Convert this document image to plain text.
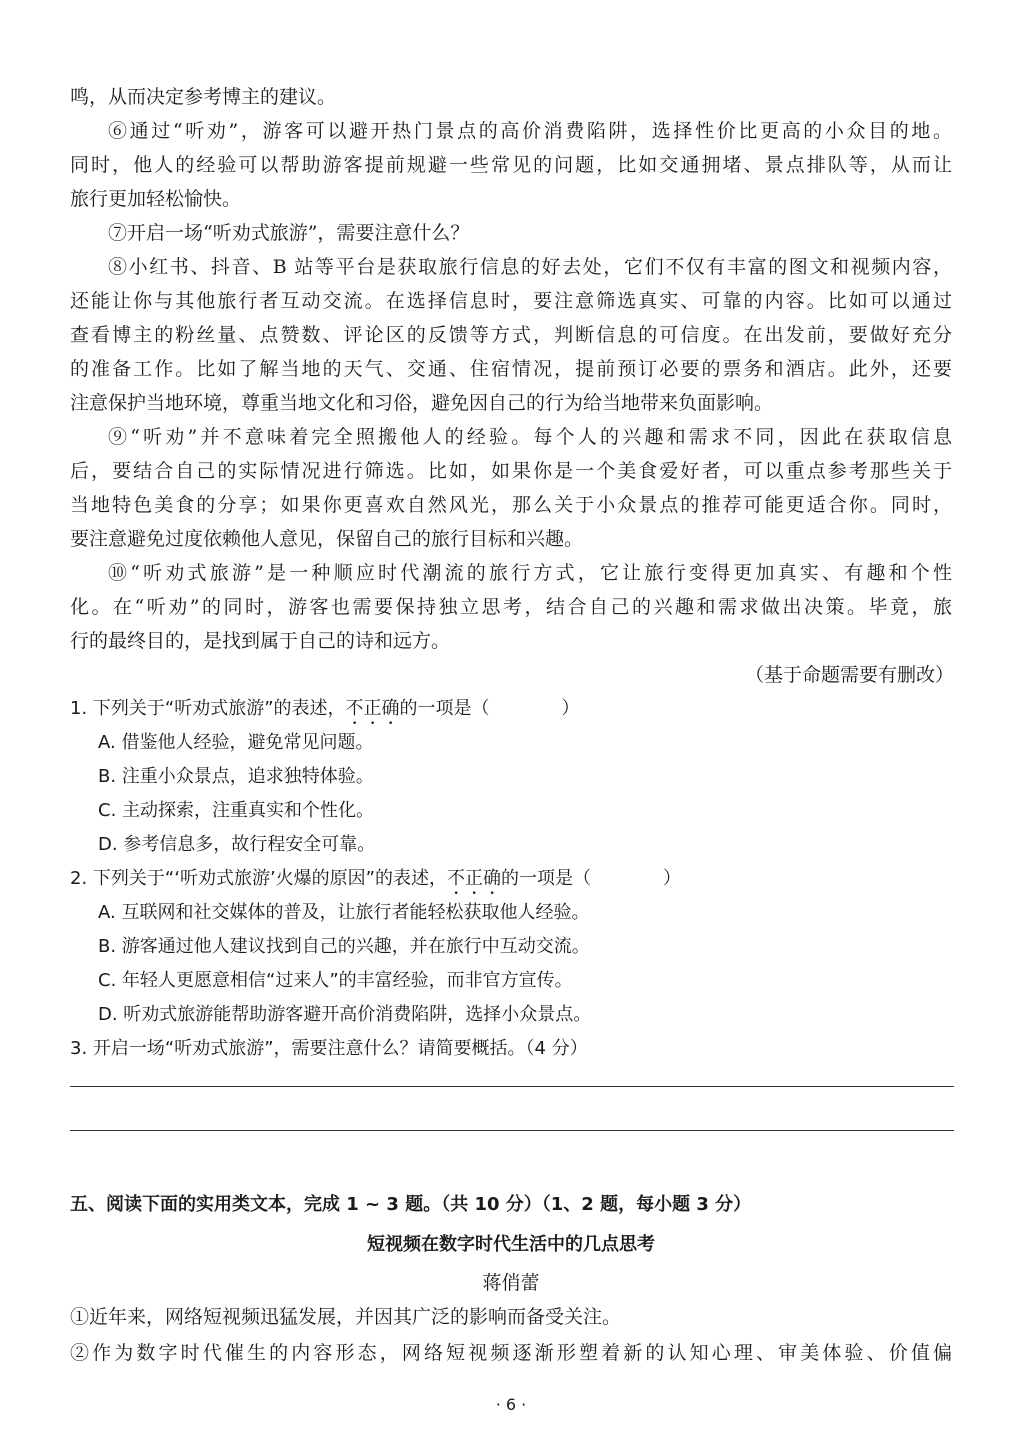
鸣，从而决定参考博主的建议。
⑥通过“听劝”，游客可以避开热门景点的高价消费陷阱，选择性价比更高的小众目的地。
同时，他人的经验可以帮助游客提前规避一些常见的问题，比如交通拥堵、景点排队等，从而让
旅行更加轻松愉快。
⑦开启一场“听劝式旅游”，需要注意什么？
⑧小红书、抖音、B 站等平台是获取旅行信息的好去处，它们不仅有丰富的图文和视频内容，
还能让你与其他旅行者互动交流。在选择信息时，要注意筛选真实、可靠的内容。比如可以通过
查看博主的粉丝量、点赞数、评论区的反馈等方式，判断信息的可信度。在出发前，要做好充分
的准备工作。比如了解当地的天气、交通、住宿情况，提前预订必要的票务和酒店。此外，还要
注意保护当地环境，尊重当地文化和习俗，避免因自己的行为给当地带来负面影响。
⑨“听劝”并不意味着完全照搬他人的经验。每个人的兴趣和需求不同，因此在获取信息
后，要结合自己的实际情况进行筛选。比如，如果你是一个美食爱好者，可以重点参考那些关于
当地特色美食的分享；如果你更喜欢自然风光，那么关于小众景点的推荐可能更适合你。同时，
要注意避免过度依赖他人意见，保留自己的旅行目标和兴趣。
⑩“听劝式旅游”是一种顺应时代潮流的旅行方式，它让旅行变得更加真实、有趣和个性
化。在“听劝”的同时，游客也需要保持独立思考，结合自己的兴趣和需求做出决策。毕竟，旅
行的最终目的，是找到属于自己的诗和远方。
（基于命题需要有删改）
1. 下列关于“听劝式旅游”的表述，不正确的一项是（　　　　）
A. 借鉴他人经验，避免常见问题。
B. 注重小众景点，追求独特体验。
C. 主动探索，注重真实和个性化。
D. 参考信息多，故行程安全可靠。
2. 下列关于“‘听劝式旅游’火爆的原因”的表述，不正确的一项是（　　　　）
A. 互联网和社交媒体的普及，让旅行者能轻松获取他人经验。
B. 游客通过他人建议找到自己的兴趣，并在旅行中互动交流。
C. 年轻人更愿意相信“过来人”的丰富经验，而非官方宣传。
D. 听劝式旅游能帮助游客避开高价消费陷阱，选择小众景点。
3. 开启一场“听劝式旅游”，需要注意什么？请简要概括。（4 分）
五、阅读下面的实用类文本，完成 1 ~ 3 题。（共 10 分）（1、2 题，每小题 3 分）
短视频在数字时代生活中的几点思考
蒋俏蕾
①近年来，网络短视频迅猛发展，并因其广泛的影响而备受关注。
②作为数字时代催生的内容形态，网络短视频逐渐形塑着新的认知心理、审美体验、价值偏
· 6 ·
